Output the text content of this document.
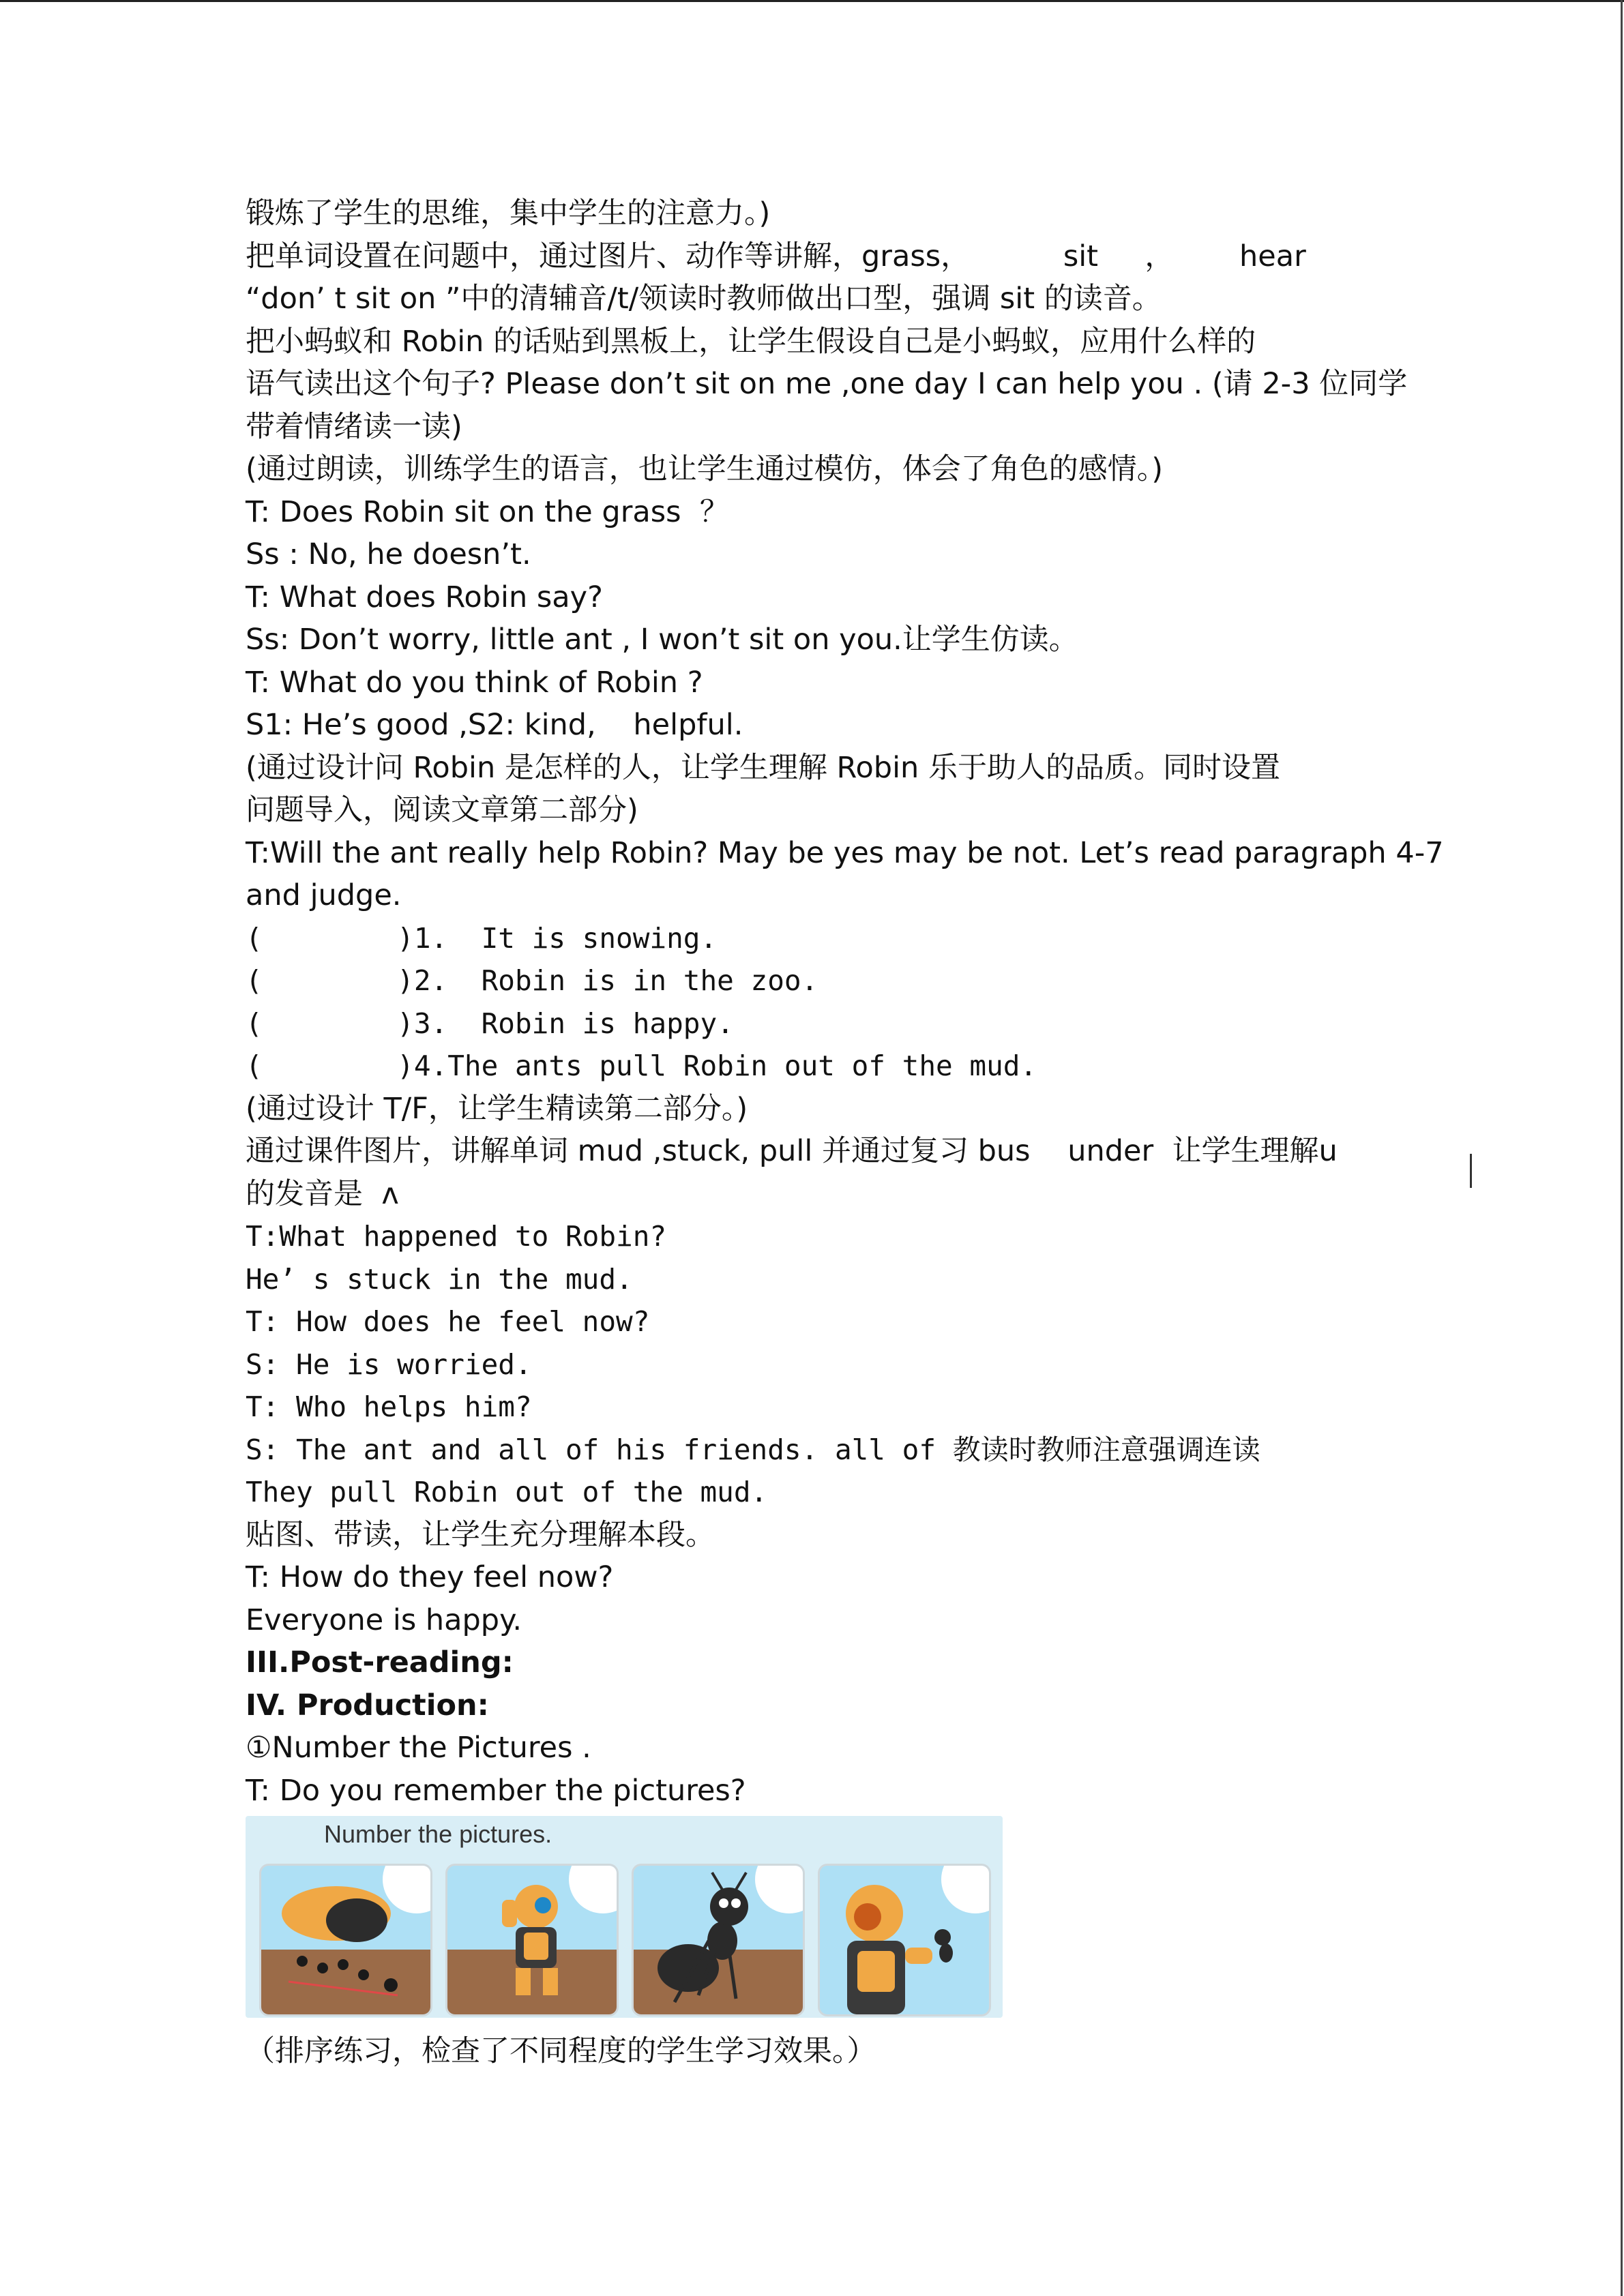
锻炼了学生的思维，集中学生的注意力。)
把单词设置在问题中，通过图片、动作等讲解，grass，          sit     ，       hear
“don’ t sit on ”中的清辅音/t/领读时教师做出口型，强调 sit 的读音。
把小蚂蚁和 Robin 的话贴到黑板上，让学生假设自己是小蚂蚁，应用什么样的
语气读出这个句子? Please don’t sit on me ,one day I can help you . (请 2-3 位同学
带着情绪读一读)
(通过朗读，训练学生的语言，也让学生通过模仿，体会了角色的感情。)
T: Does Robin sit on the grass  ？
Ss : No, he doesn’t.
T: What does Robin say?
Ss: Don’t worry, little ant , I won’t sit on you.让学生仿读。
T: What do you think of Robin ?
S1: He’s good ,S2: kind,    helpful.
(通过设计问 Robin 是怎样的人，让学生理解 Robin 乐于助人的品质。同时设置
问题导入，阅读文章第二部分)
T:Will the ant really help Robin? May be yes may be not. Let’s read paragraph 4-7
and judge.
(        )1.  It is snowing.
(        )2.  Robin is in the zoo.
(        )3.  Robin is happy.
(        )4.The ants pull Robin out of the mud.
(通过设计 T/F，让学生精读第二部分。)
通过课件图片，讲解单词 mud ,stuck, pull 并通过复习 bus    under  让学生理解u
的发音是  ʌ
T:What happened to Robin?
He’ s stuck in the mud.
T: How does he feel now?
S: He is worried.
T: Who helps him?
S: The ant and all of his friends. all of 教读时教师注意强调连读
They pull Robin out of the mud.
贴图、带读，让学生充分理解本段。
T: How do they feel now?
Everyone is happy.
III.Post-reading:
IV. Production:
①Number the Pictures .
T: Do you remember the pictures?
Number the pictures.
（排序练习，检查了不同程度的学生学习效果。）
